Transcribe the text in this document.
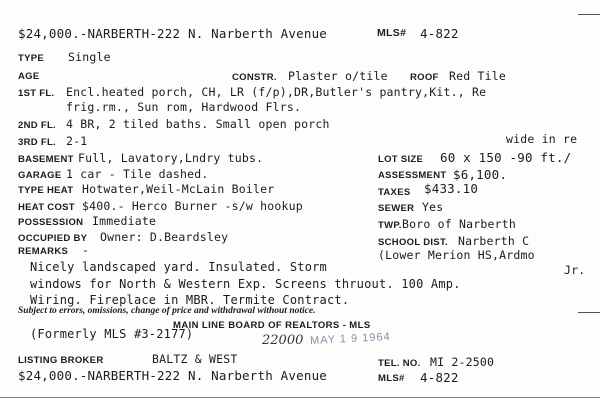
$24,000.-NARBERTH-222 N. Narberth Avenue	MLS# 4-822
TYPE Single
AGE	CONSTR. Plaster o/tile ROOF Red Tile
1ST FL. Encl.heated porch, CH, LR (f/p),DR,Butler's pantry,Kit., Re
frig.rm., Sun rom, Hardwood Flrs.
2ND FL. 4 BR, 2 tiled baths. Small open porch
3RD FL. 2-1	wide in re
BASEMENT Full, Lavatory,Lndry tubs.	LOT SIZE 60 x 150 -90 ft./
GARAGE 1 car - Tile dashed.	ASSESSMENT $6,100.
TYPE HEAT Hotwater,Weil-McLain Boiler	TAXES $433.10
HEAT COST $400.- Herco Burner -s/w hookup	SEWER Yes
POSSESSION Immediate	TWP. Boro of Narberth
OCCUPIED BY Owner: D.Beardsley	SCHOOL DIST. Narberth C
(Lower Merion HS,Ardmo
Jr.
REMARKS -
Nicely landscaped yard. Insulated. Storm
windows for North & Western Exp. Screens thruout. 100 Amp.
Wiring. Fireplace in MBR. Termite Contract.
Subject to errors, omissions, change of price and withdrawal without notice.
(Formerly MLS #3-2177)
MAIN LINE BOARD OF REALTORS - MLS
22000 MAY 1 9 1964
LISTING BROKER	BALTZ & WEST	TEL. NO. MI 2-2500
$24,000.-NARBERTH-222 N. Narberth Avenue	MLS# 4-822
